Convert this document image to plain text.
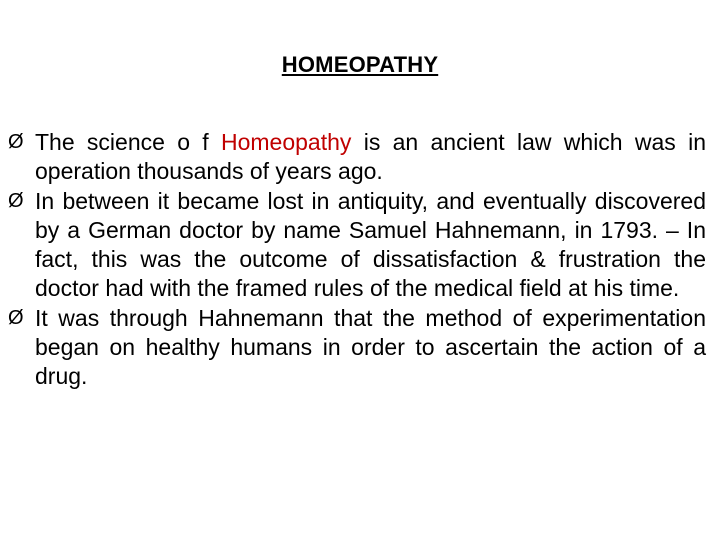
HOMEOPATHY
Ø The science o f Homeopathy is an ancient law which was in operation thousands of years ago.
Ø In between it became lost in antiquity, and eventually discovered by a German doctor by name Samuel Hahnemann, in 1793. – In fact, this was the outcome of dissatisfaction & frustration the doctor had with the framed rules of the medical field at his time.
Ø It was through Hahnemann that the method of experimentation began on healthy humans in order to ascertain the action of a drug.
